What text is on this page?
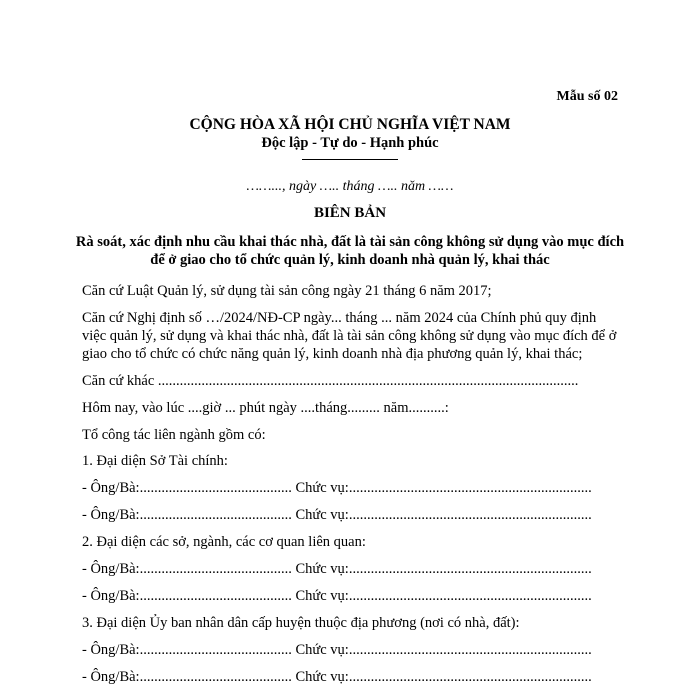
Mẫu số 02
CỘNG HÒA XÃ HỘI CHỦ NGHĨA VIỆT NAM
Độc lập - Tự do - Hạnh phúc
……..., ngày ….. tháng ….. năm ……
BIÊN BẢN
Rà soát, xác định nhu cầu khai thác nhà, đất là tài sản công không sử dụng vào mục đích để ở giao cho tổ chức quản lý, kinh doanh nhà quản lý, khai thác

Căn cứ Luật Quản lý, sử dụng tài sản công ngày 21 tháng 6 năm 2017;

Căn cứ Nghị định số …/2024/NĐ-CP ngày... tháng ... năm 2024 của Chính phủ quy định việc quản lý, sử dụng và khai thác nhà, đất là tài sản công không sử dụng vào mục đích để ở giao cho tổ chức có chức năng quản lý, kinh doanh nhà địa phương quản lý, khai thác;

Căn cứ khác ....................................................................................................................

Hôm nay, vào lúc ....giờ ... phút ngày ....tháng......... năm..........:

Tổ công tác liên ngành gồm có:

1. Đại diện Sở Tài chính:

- Ông/Bà:.......................................... Chức vụ:...................................................................
- Ông/Bà:.......................................... Chức vụ:...................................................................

2. Đại diện các sở, ngành, các cơ quan liên quan:

- Ông/Bà:.......................................... Chức vụ:...................................................................
- Ông/Bà:.......................................... Chức vụ:...................................................................

3. Đại diện Ủy ban nhân dân cấp huyện thuộc địa phương (nơi có nhà, đất):

- Ông/Bà:.......................................... Chức vụ:...................................................................
- Ông/Bà:.......................................... Chức vụ:...................................................................
